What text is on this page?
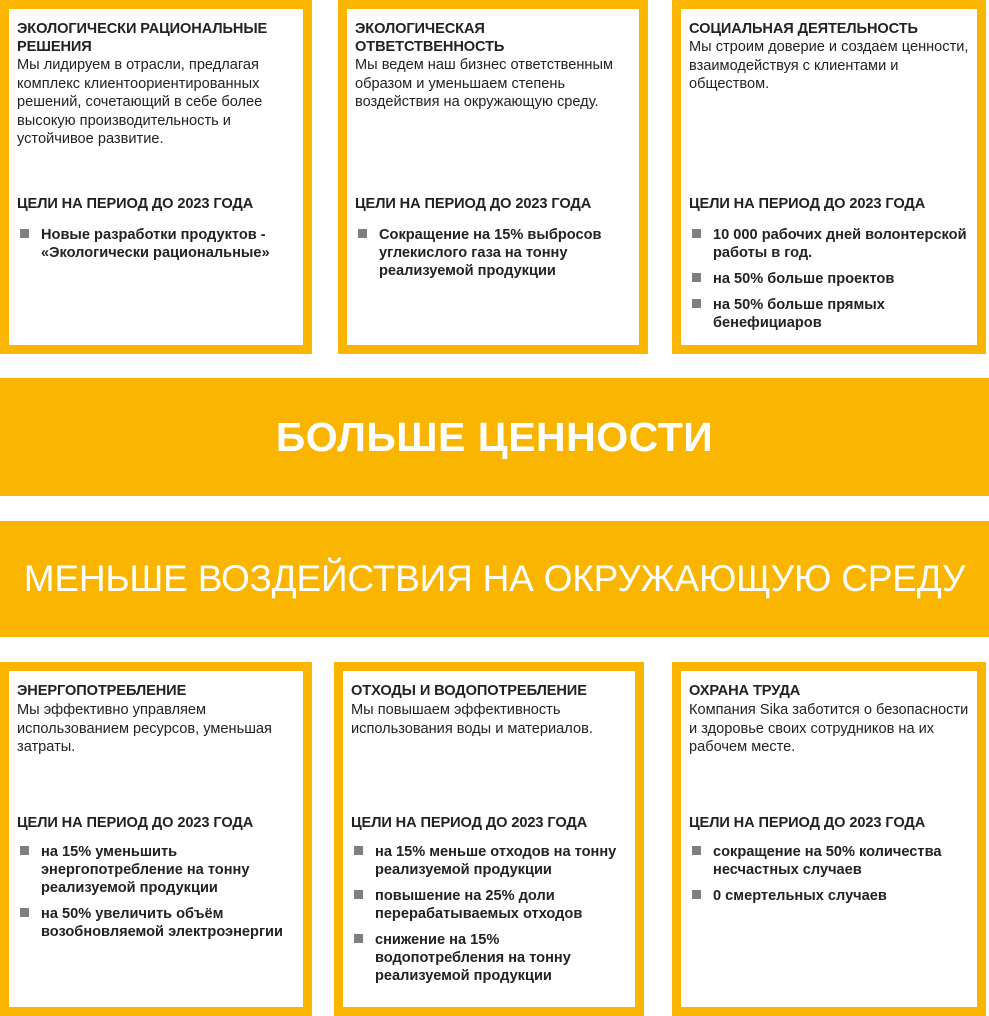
ЭКОЛОГИЧЕСКИ РАЦИОНАЛЬНЫЕ РЕШЕНИЯ
Мы лидируем в отрасли, предлагая комплекс клиентоориентированных решений, сочетающий в себе более высокую производительность и устойчивое развитие.
ЦЕЛИ НА ПЕРИОД ДО 2023 ГОДА
Новые разработки продуктов - «Экологически рациональные»
ЭКОЛОГИЧЕСКАЯ ОТВЕТСТВЕННОСТЬ
Мы ведем наш бизнес ответственным образом и уменьшаем степень воздействия на окружающую среду.
ЦЕЛИ НА ПЕРИОД ДО 2023 ГОДА
Сокращение на 15% выбросов углекислого газа на тонну реализуемой продукции
СОЦИАЛЬНАЯ ДЕЯТЕЛЬНОСТЬ
Мы строим доверие и создаем ценности, взаимодействуя с клиентами и обществом.
ЦЕЛИ НА ПЕРИОД ДО 2023 ГОДА
10 000 рабочих дней волонтерской работы в год.
на 50% больше проектов
на 50% больше прямых бенефициаров
БОЛЬШЕ ЦЕННОСТИ
МЕНЬШЕ ВОЗДЕЙСТВИЯ НА ОКРУЖАЮЩУЮ СРЕДУ
ЭНЕРГОПОТРЕБЛЕНИЕ
Мы эффективно управляем использованием ресурсов, уменьшая затраты.
ЦЕЛИ НА ПЕРИОД ДО 2023 ГОДА
на 15% уменьшить энергопотребление на тонну реализуемой продукции
на 50% увеличить объём возобновляемой электроэнергии
ОТХОДЫ И ВОДОПОТРЕБЛЕНИЕ
Мы повышаем эффективность использования воды и материалов.
ЦЕЛИ НА ПЕРИОД ДО 2023 ГОДА
на 15% меньше отходов на тонну реализуемой продукции
повышение на 25% доли перерабатываемых отходов
снижение на 15% водопотребления на тонну реализуемой продукции
ОХРАНА ТРУДА
Компания Sika заботится о безопасности и здоровье своих сотрудников на их рабочем месте.
ЦЕЛИ НА ПЕРИОД ДО 2023 ГОДА
сокращение на 50% количества несчастных случаев
0 смертельных случаев
